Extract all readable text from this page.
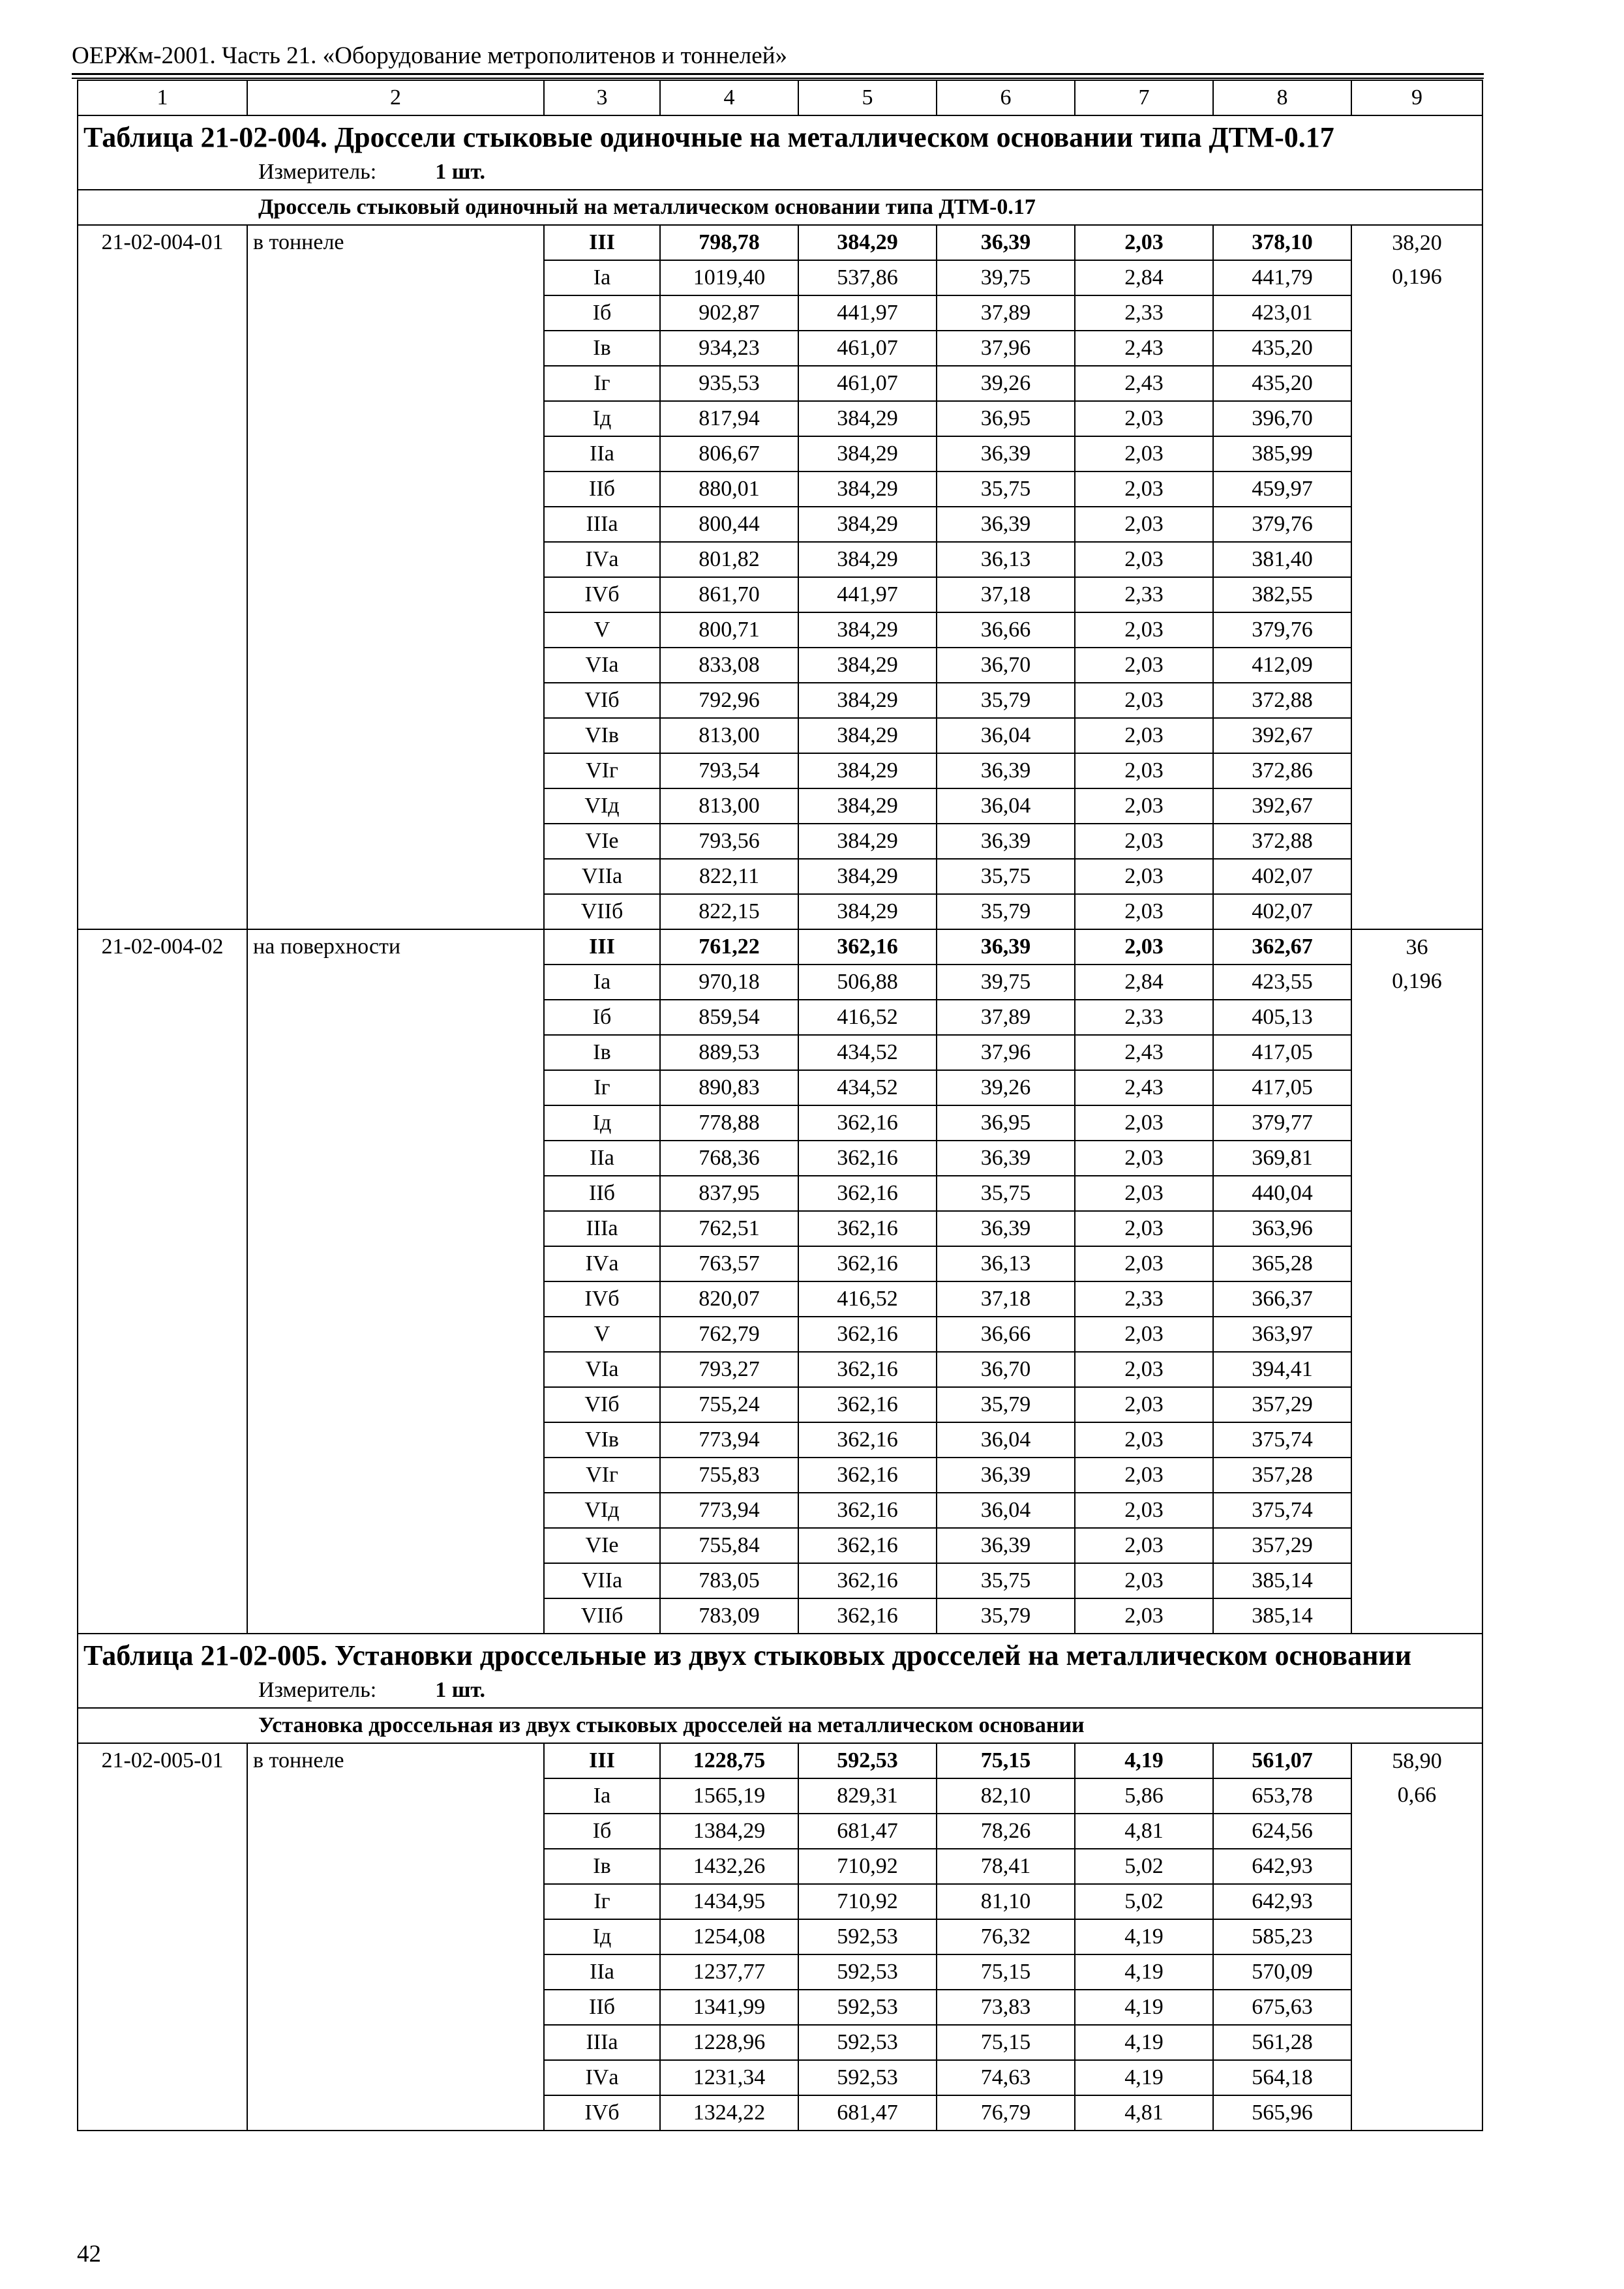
ОЕРЖм-2001. Часть 21. «Оборудование метрополитенов и тоннелей»
1	2	3	4	5	6	7	8	9
Таблица 21-02-004. Дроссели стыковые одиночные на металлическом основании типа ДТМ-0.17								
Измеритель: 1 шт.								
Дроссель стыковый одиночный на металлическом основании типа ДТМ-0.17								
21-02-004-01	в тоннеле	III	798,78	384,29	36,39	2,03	378,10	38,20
		Iа	1019,40	537,86	39,75	2,84	441,79	0,196
		Iб	902,87	441,97	37,89	2,33	423,01	
		Iв	934,23	461,07	37,96	2,43	435,20	
		Iг	935,53	461,07	39,26	2,43	435,20	
		Iд	817,94	384,29	36,95	2,03	396,70	
		IIа	806,67	384,29	36,39	2,03	385,99	
		IIб	880,01	384,29	35,75	2,03	459,97	
		IIIа	800,44	384,29	36,39	2,03	379,76	
		IVа	801,82	384,29	36,13	2,03	381,40	
		IVб	861,70	441,97	37,18	2,33	382,55	
		V	800,71	384,29	36,66	2,03	379,76	
		VIа	833,08	384,29	36,70	2,03	412,09	
		VIб	792,96	384,29	35,79	2,03	372,88	
		VIв	813,00	384,29	36,04	2,03	392,67	
		VIг	793,54	384,29	36,39	2,03	372,86	
		VIд	813,00	384,29	36,04	2,03	392,67	
		VIе	793,56	384,29	36,39	2,03	372,88	
		VIIа	822,11	384,29	35,75	2,03	402,07	
		VIIб	822,15	384,29	35,79	2,03	402,07	
21-02-004-02	на поверхности	III	761,22	362,16	36,39	2,03	362,67	36
		Iа	970,18	506,88	39,75	2,84	423,55	0,196
		Iб	859,54	416,52	37,89	2,33	405,13	
		Iв	889,53	434,52	37,96	2,43	417,05	
		Iг	890,83	434,52	39,26	2,43	417,05	
		Iд	778,88	362,16	36,95	2,03	379,77	
		IIа	768,36	362,16	36,39	2,03	369,81	
		IIб	837,95	362,16	35,75	2,03	440,04	
		IIIа	762,51	362,16	36,39	2,03	363,96	
		IVа	763,57	362,16	36,13	2,03	365,28	
		IVб	820,07	416,52	37,18	2,33	366,37	
		V	762,79	362,16	36,66	2,03	363,97	
		VIа	793,27	362,16	36,70	2,03	394,41	
		VIб	755,24	362,16	35,79	2,03	357,29	
		VIв	773,94	362,16	36,04	2,03	375,74	
		VIг	755,83	362,16	36,39	2,03	357,28	
		VIд	773,94	362,16	36,04	2,03	375,74	
		VIе	755,84	362,16	36,39	2,03	357,29	
		VIIа	783,05	362,16	35,75	2,03	385,14	
		VIIб	783,09	362,16	35,79	2,03	385,14	
Таблица 21-02-005. Установки дроссельные из двух стыковых дросселей на металлическом основании								
Измеритель: 1 шт.								
Установка дроссельная из двух стыковых дросселей на металлическом основании								
21-02-005-01	в тоннеле	III	1228,75	592,53	75,15	4,19	561,07	58,90
		Iа	1565,19	829,31	82,10	5,86	653,78	0,66
		Iб	1384,29	681,47	78,26	4,81	624,56	
		Iв	1432,26	710,92	78,41	5,02	642,93	
		Iг	1434,95	710,92	81,10	5,02	642,93	
		Iд	1254,08	592,53	76,32	4,19	585,23	
		IIа	1237,77	592,53	75,15	4,19	570,09	
		IIб	1341,99	592,53	73,83	4,19	675,63	
		IIIа	1228,96	592,53	75,15	4,19	561,28	
		IVа	1231,34	592,53	74,63	4,19	564,18	
		IVб	1324,22	681,47	76,79	4,81	565,96	
42
